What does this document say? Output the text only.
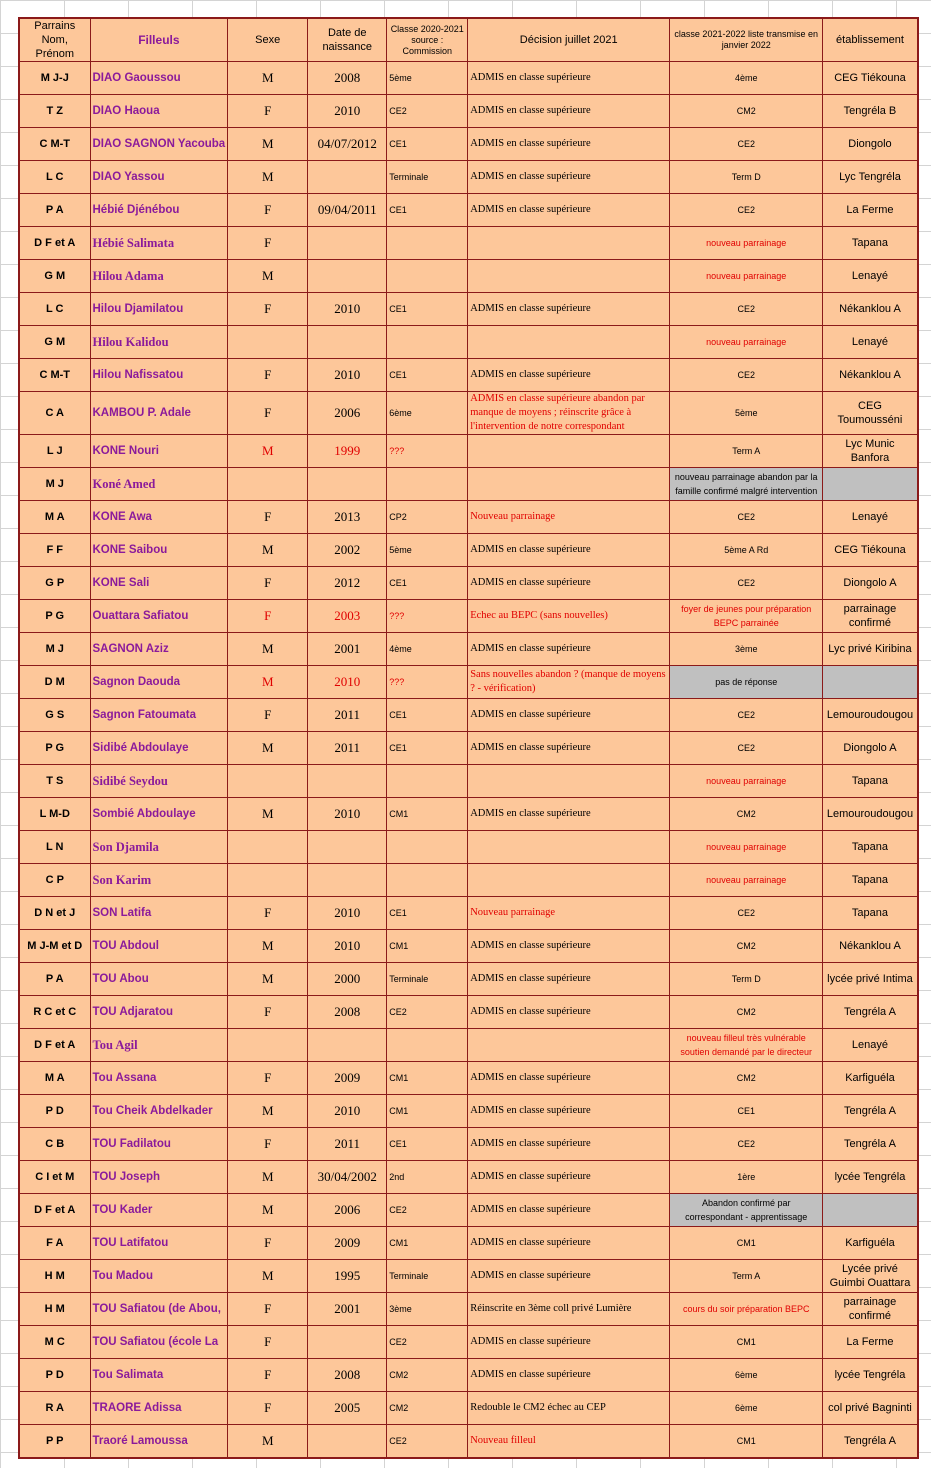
Parrains Nom, Prénom	Filleuls	Sexe	Date de naissance	Classe 2020-2021 source : Commission	Décision juillet 2021	classe 2021-2022 liste transmise en janvier 2022	établissement
M J-J	DIAO Gaoussou	M	2008	5ème	ADMIS en classe supérieure	4ème	CEG Tiékouna
T Z	DIAO Haoua	F	2010	CE2	ADMIS en classe supérieure	CM2	Tengréla B
C M-T	DIAO SAGNON Yacouba	M	04/07/2012	CE1	ADMIS en classe supérieure	CE2	Diongolo
L C	DIAO Yassou	M		Terminale	ADMIS en classe supérieure	Term D	Lyc Tengréla
P A	Hébié Djénébou	F	09/04/2011	CE1	ADMIS en classe supérieure	CE2	La Ferme
D F et A	Hébié Salimata	F				nouveau parrainage	Tapana
G M	Hilou Adama	M				nouveau parrainage	Lenayé
L C	Hilou Djamilatou	F	2010	CE1	ADMIS en classe supérieure	CE2	Nékanklou A
G M	Hilou Kalidou					nouveau parrainage	Lenayé
C M-T	Hilou Nafissatou	F	2010	CE1	ADMIS en classe supérieure	CE2	Nékanklou A
C A	KAMBOU P. Adale	F	2006	6ème	ADMIS en classe supérieure abandon par manque de moyens ; réinscrite grâce à l'intervention de notre correspondant	5ème	CEG Toumousséni
L J	KONE Nouri	M	1999	???		Term A	Lyc Munic Banfora
M J	Koné Amed					nouveau parrainage abandon par la famille confirmé malgré intervention	
M A	KONE Awa	F	2013	CP2	Nouveau parrainage	CE2	Lenayé
F F	KONE Saibou	M	2002	5ème	ADMIS en classe supérieure	5ème A Rd	CEG Tiékouna
G P	KONE Sali	F	2012	CE1	ADMIS en classe supérieure	CE2	Diongolo A
P G	Ouattara Safiatou	F	2003	???	Echec au BEPC (sans nouvelles)	foyer de jeunes pour préparation BEPC parrainée	parrainage confirmé
M J	SAGNON Aziz	M	2001	4ème	ADMIS en classe supérieure	3ème	Lyc privé Kiribina
D M	Sagnon Daouda	M	2010	???	Sans nouvelles abandon ? (manque de moyens ? - vérification)	pas de réponse	
G S	Sagnon Fatoumata	F	2011	CE1	ADMIS en classe supérieure	CE2	Lemouroudougou
P G	Sidibé Abdoulaye	M	2011	CE1	ADMIS en classe supérieure	CE2	Diongolo A
T S	Sidibé Seydou					nouveau parrainage	Tapana
L M-D	Sombié Abdoulaye	M	2010	CM1	ADMIS en classe supérieure	CM2	Lemouroudougou
L N	Son Djamila					nouveau parrainage	Tapana
C P	Son Karim					nouveau parrainage	Tapana
D N et J	SON Latifa	F	2010	CE1	Nouveau parrainage	CE2	Tapana
M J-M et D	TOU Abdoul	M	2010	CM1	ADMIS en classe supérieure	CM2	Nékanklou A
P A	TOU Abou	M	2000	Terminale	ADMIS en classe supérieure	Term D	lycée privé Intima
R C et C	TOU Adjaratou	F	2008	CE2	ADMIS en classe supérieure	CM2	Tengréla A
D F et A	Tou Agil					nouveau filleul très vulnérable soutien demandé par le directeur	Lenayé
M A	Tou Assana	F	2009	CM1	ADMIS en classe supérieure	CM2	Karfiguéla
P D	Tou Cheik Abdelkader	M	2010	CM1	ADMIS en classe supérieure	CE1	Tengréla A
C B	TOU Fadilatou	F	2011	CE1	ADMIS en classe supérieure	CE2	Tengréla A
C I et M	TOU Joseph	M	30/04/2002	2nd	ADMIS en classe supérieure	1ère	lycée Tengréla
D F et A	TOU Kader	M	2006	CE2	ADMIS en classe supérieure	Abandon confirmé par correspondant - apprentissage	
F A	TOU Latifatou	F	2009	CM1	ADMIS en classe supérieure	CM1	Karfiguéla
H M	Tou Madou	M	1995	Terminale	ADMIS en classe supérieure	Term A	Lycée privé Guimbi Ouattara
H M	TOU Safiatou (de Abou,	F	2001	3ème	Réinscrite en 3ème coll privé Lumière	cours du soir préparation BEPC	parrainage confirmé
M C	TOU Safiatou (école La	F		CE2	ADMIS en classe supérieure	CM1	La Ferme
P D	Tou Salimata	F	2008	CM2	ADMIS en classe supérieure	6ème	lycée Tengréla
R A	TRAORE Adissa	F	2005	CM2	Redouble le CM2 échec au CEP	6ème	col privé Bagninti
P P	Traoré Lamoussa	M		CE2	Nouveau filleul	CM1	Tengréla A
